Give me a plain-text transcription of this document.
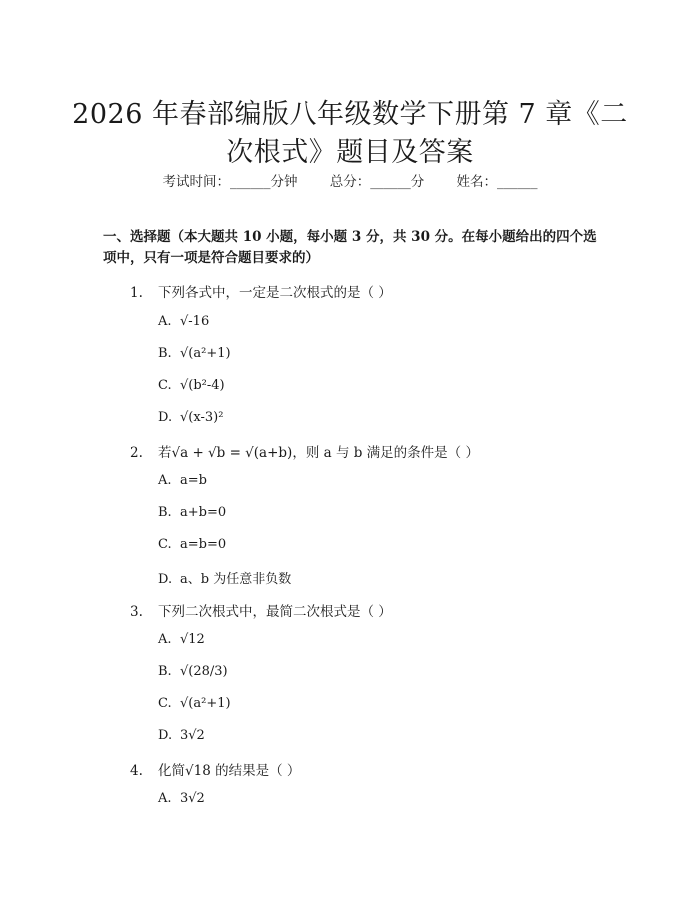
2026 年春部编版八年级数学下册第 7 章《二
次根式》题目及答案
考试时间：______分钟 总分：______分 姓名：______
一、选择题（本大题共 10 小题，每小题 3 分，共 30 分。在每小题给出的四个选
项中，只有一项是符合题目要求的）
1. 下列各式中，一定是二次根式的是（ ）
A. √-16
B. √(a²+1)
C. √(b²-4)
D. √(x-3)²
2. 若√a + √b = √(a+b)，则 a 与 b 满足的条件是（ ）
A. a=b
B. a+b=0
C. a=b=0
D. a、b 为任意非负数
3. 下列二次根式中，最简二次根式是（ ）
A. √12
B. √(28/3)
C. √(a²+1)
D. 3√2
4. 化简√18 的结果是（ ）
A. 3√2
